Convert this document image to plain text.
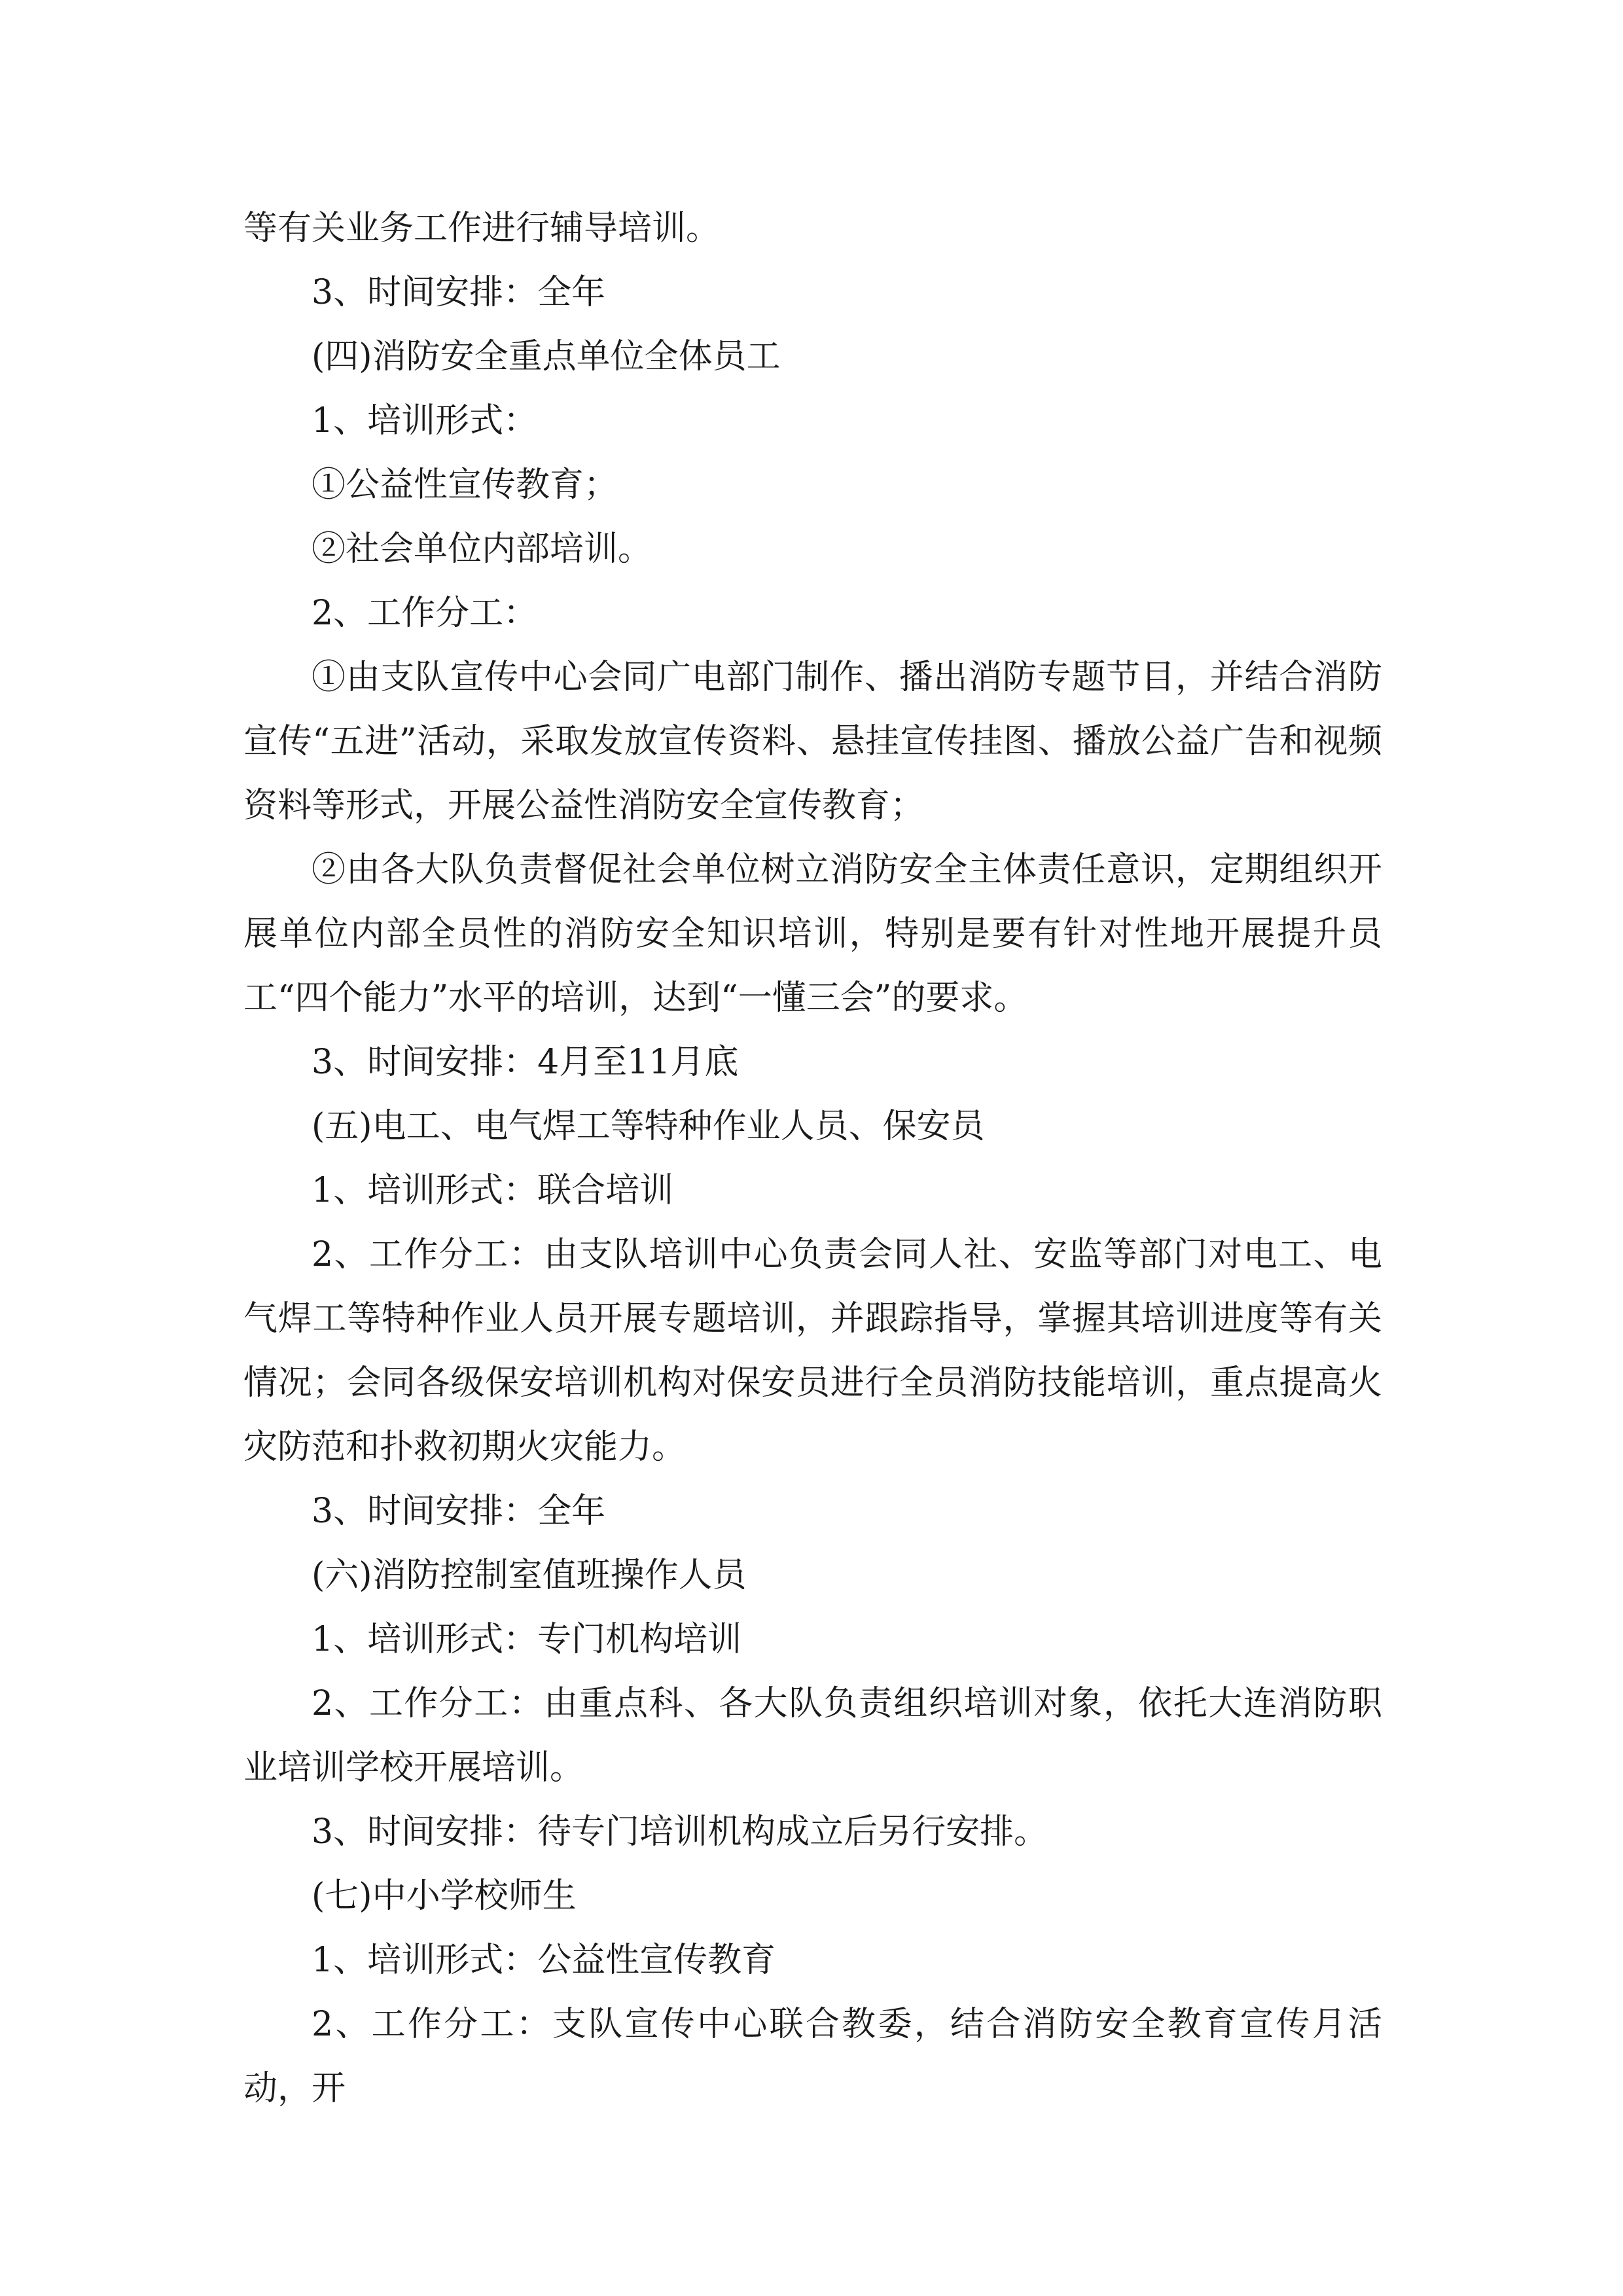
等有关业务工作进行辅导培训。

3、时间安排：全年

(四)消防安全重点单位全体员工

1、培训形式：

①公益性宣传教育；

②社会单位内部培训。

2、工作分工：

①由支队宣传中心会同广电部门制作、播出消防专题节目，并结合消防宣传“五进”活动，采取发放宣传资料、悬挂宣传挂图、播放公益广告和视频资料等形式，开展公益性消防安全宣传教育；

②由各大队负责督促社会单位树立消防安全主体责任意识，定期组织开展单位内部全员性的消防安全知识培训，特别是要有针对性地开展提升员工“四个能力”水平的培训，达到“一懂三会”的要求。

3、时间安排：4月至11月底

(五)电工、电气焊工等特种作业人员、保安员

1、培训形式：联合培训

2、工作分工：由支队培训中心负责会同人社、安监等部门对电工、电气焊工等特种作业人员开展专题培训，并跟踪指导，掌握其培训进度等有关情况；会同各级保安培训机构对保安员进行全员消防技能培训，重点提高火灾防范和扑救初期火灾能力。

3、时间安排：全年

(六)消防控制室值班操作人员

1、培训形式：专门机构培训

2、工作分工：由重点科、各大队负责组织培训对象，依托大连消防职业培训学校开展培训。

3、时间安排：待专门培训机构成立后另行安排。

(七)中小学校师生

1、培训形式：公益性宣传教育

2、工作分工：支队宣传中心联合教委，结合消防安全教育宣传月活动，开
